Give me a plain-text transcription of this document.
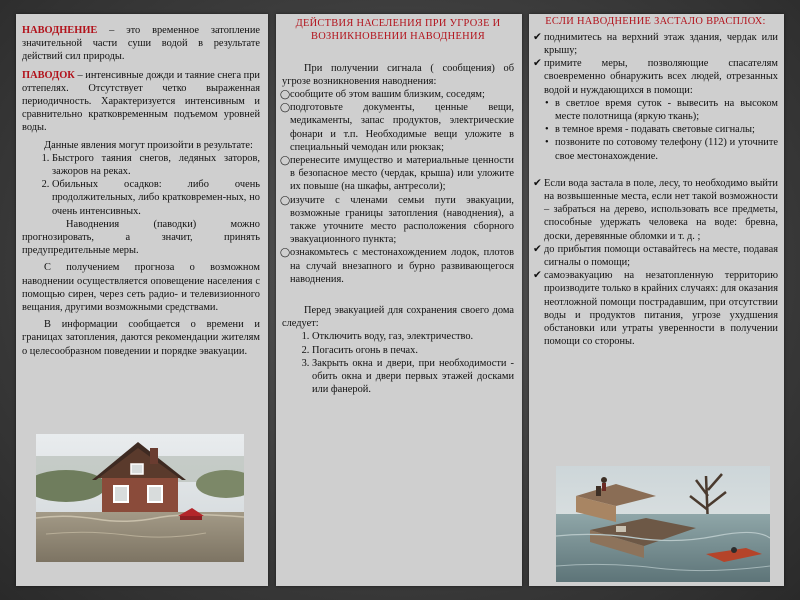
НАВОДНЕНИЕ – это временное затопление значительной части суши водой в результате действий сил природы.

ПАВОДОК – интенсивные дожди и таяние снега при оттепелях. Отсутствует четко выраженная периодичность. Характеризуется интенсивным и сравнительно кратковременным подъемом уровней воды.

Данные явления могут произойти в результате:

1. Быстрого таяния снегов, ледяных заторов, зажоров на реках.
2. Обильных осадков: либо очень продолжительных, либо кратковремен-ных, но очень интенсивных.

Наводнения (паводки) можно прогнозировать, а значит, принять предупредительные меры.

С получением прогноза о возможном наводнении осуществляется оповещение населения с помощью сирен, через сеть радио- и телевизионного вещания, другими возможными средствами.

В информации сообщается о времени и границах затопления, даются рекомендации жителям о целесообразном поведении и порядке эвакуации.

ДЕЙСТВИЯ НАСЕЛЕНИЯ ПРИ УГРОЗЕ И ВОЗНИКНОВЕНИИ НАВОДНЕНИЯ

При получении сигнала ( сообщения) об угрозе возникновения наводнения:

◯ сообщите об этом вашим близким, соседям;
◯ подготовьте документы, ценные вещи, медикаменты, запас продуктов, электрические фонари и т.п. Необходимые вещи уложите в специальный чемодан или рюкзак;
◯ перенесите имущество и материальные ценности в безопасное место (чердак, крыша) или уложите их повыше (на шкафы, антресоли);
◯ изучите с членами семьи пути эвакуации, возможные границы затопления (наводнения), а также уточните место расположения сборного эвакуационного пункта;
◯ ознакомьтесь с местонахождением лодок, плотов на случай внезапного и бурно развивающегося наводнения.

Перед эвакуацией для сохранения своего дома следует:

1. Отключить воду, газ, электричество.
2. Погасить огонь в печах.
3. Закрыть окна и двери, при необходимости - обить окна и двери первых этажей досками или фанерой.
ЕСЛИ НАВОДНЕНИЕ ЗАСТАЛО ВРАСПЛОХ:
✔ поднимитесь на верхний этаж здания, чердак или крышу;
✔ примите меры, позволяющие спасателям своевременно обнаружить всех людей, отрезанных водой и нуждающихся в помощи:
• в светлое время суток - вывесить на высоком месте полотнища (яркую ткань);
• в темное время - подавать световые сигналы;
• позвоните по сотовому телефону (112) и уточните свое местонахождение.
✔ Если вода застала в поле, лесу, то необходимо выйти на возвышенные места, если нет такой возможности – забраться на дерево, использовать все предметы, способные удержать человека на воде: бревна, доски, деревянные обломки и т. д. ;
✔ до прибытия помощи оставайтесь на месте, подавая сигналы о помощи;
✔ самоэвакуацию на незатопленную территорию производите только в крайних случаях: для оказания неотложной помощи пострадавшим, при отсутствии воды и продуктов питания, угрозе ухудшения обстановки или утраты уверенности в получении помощи со стороны.
